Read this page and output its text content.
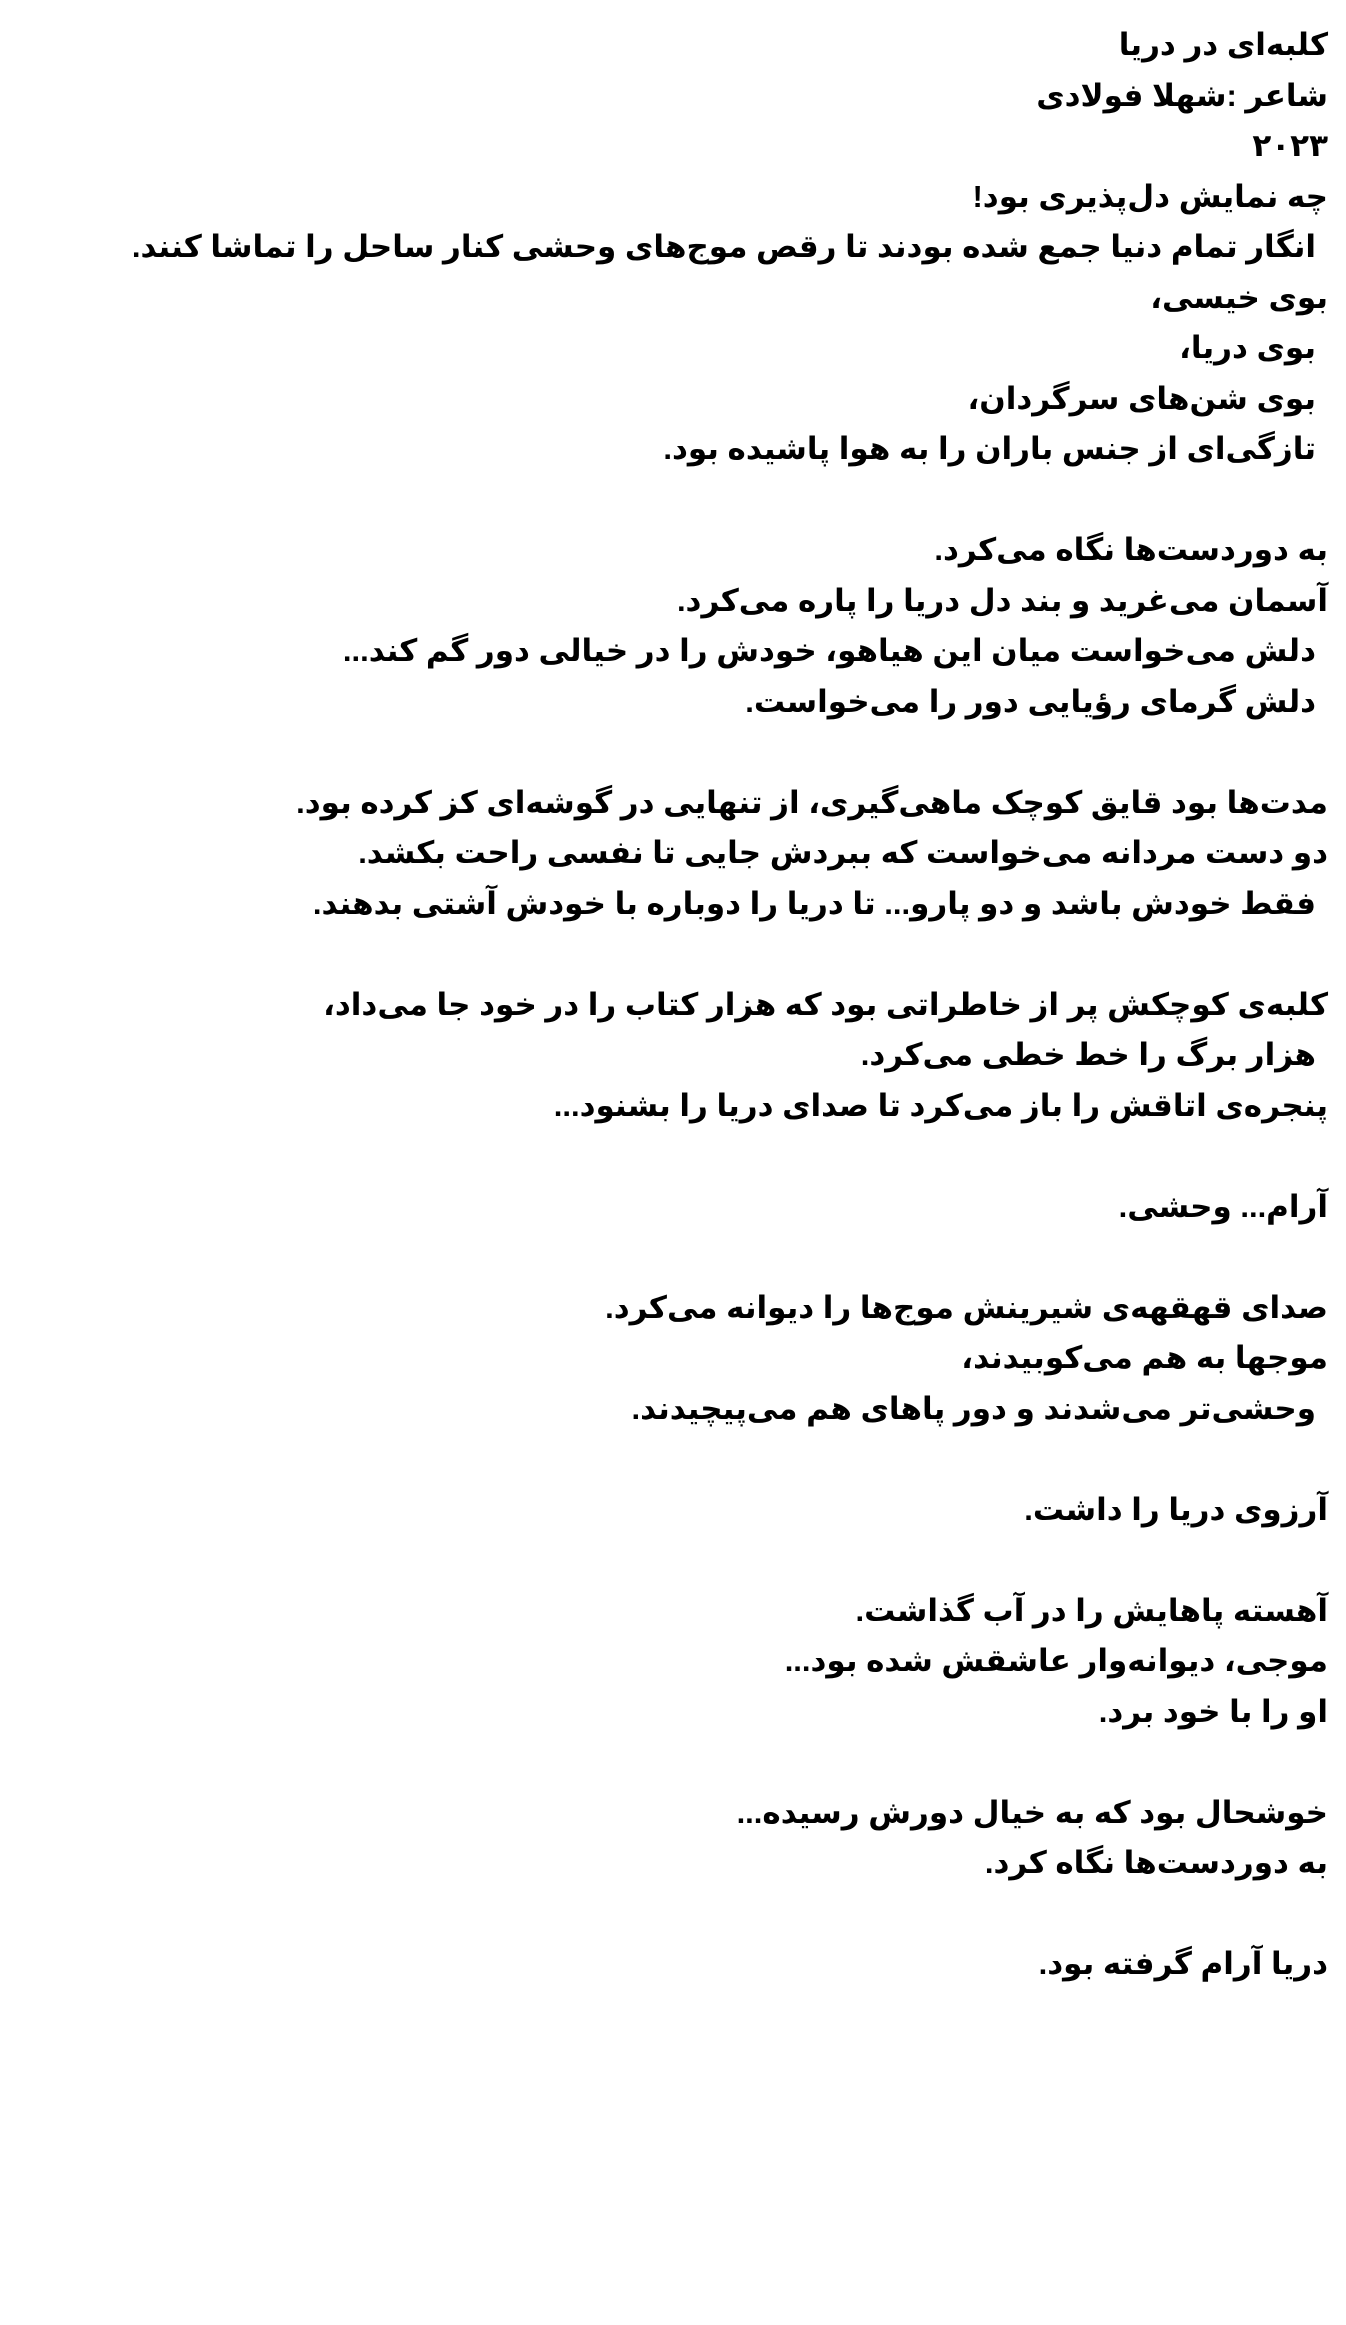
کلبه‌ای در دریا
شاعر :شهلا فولادی
۲۰۲۳
چه نمایش دل‌پذیری بود!
انگار تمام دنیا جمع شده بودند تا رقص موج‌های وحشی کنار ساحل را تماشا کنند.
بوی خیسی،
بوی دریا،
بوی شن‌های سرگردان،
تازگی‌ای از جنس باران را به هوا پاشیده بود.
به دوردست‌ها نگاه می‌کرد.
آسمان می‌غرید و بند دل دریا را پاره می‌کرد.
دلش می‌خواست میان این هیاهو، خودش را در خیالی دور گم کند...
دلش گرمای رؤیایی دور را می‌خواست.
مدت‌ها بود قایق کوچک ماهی‌گیری، از تنهایی در گوشه‌ای کز کرده بود.
دو دست مردانه می‌خواست که ببردش جایی تا نفسی راحت بکشد.
فقط خودش باشد و دو پارو... تا دریا را دوباره با خودش آشتی بدهند.
کلبه‌ی کوچکش پر از خاطراتی بود که هزار کتاب را در خود جا می‌داد،
هزار برگ را خط خطی می‌کرد.
پنجره‌ی اتاقش را باز می‌کرد تا صدای دریا را بشنود...
آرام... وحشی.
صدای قهقهه‌ی شیرینش موج‌ها را دیوانه می‌کرد.
موجها به هم می‌کوبیدند،
وحشی‌تر می‌شدند و دور پاهای هم می‌پیچیدند.
آرزوی دریا را داشت.
آهسته پاهایش را در آب گذاشت.
موجی، دیوانه‌وار عاشقش شده بود...
او را با خود برد.
خوشحال بود که به خیال دورش رسیده...
به دوردست‌ها نگاه کرد.
دریا آرام گرفته بود.
